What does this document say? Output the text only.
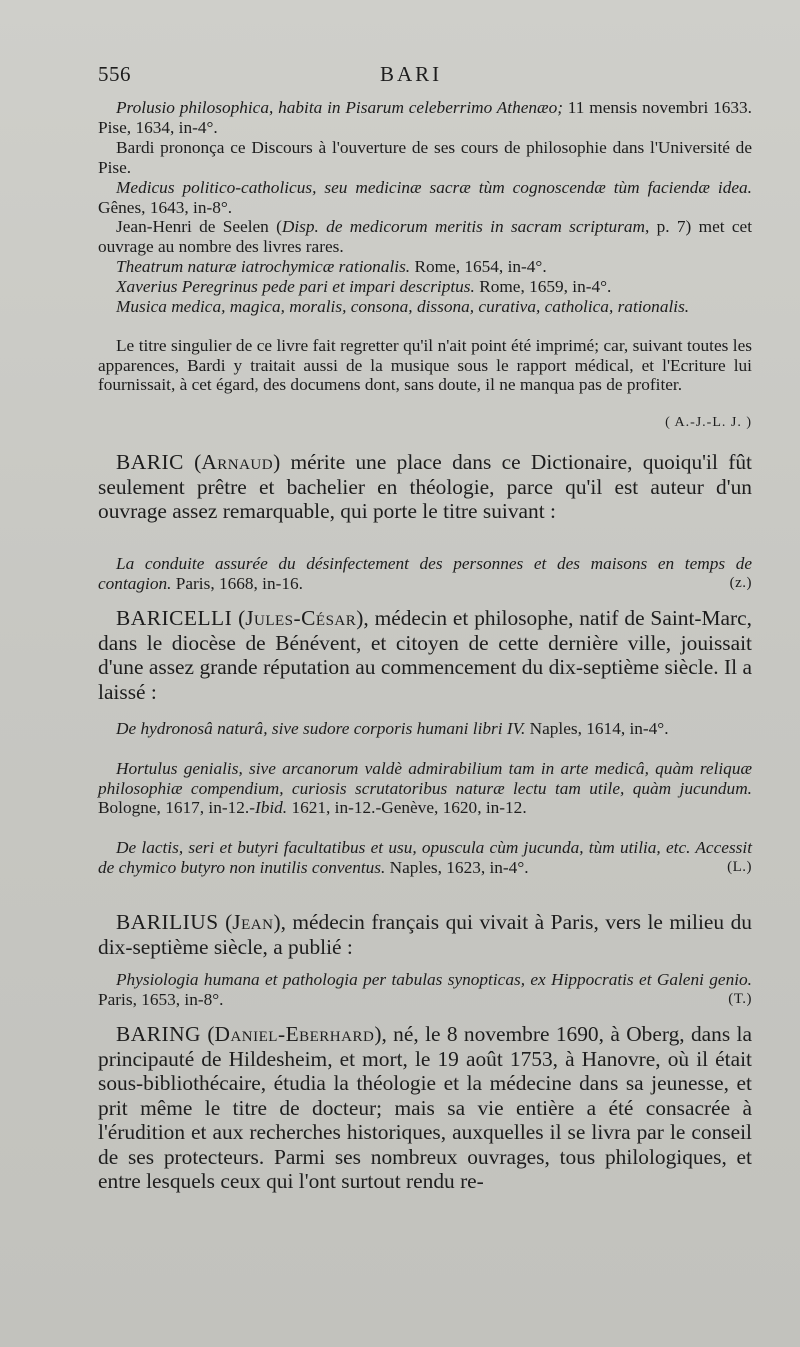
556	BARI

Prolusio philosophica, habita in Pisarum celeberrimo Athenæo; 11 mensis novembri 1633. Pise, 1634, in-4°.

Bardi prononça ce Discours à l'ouverture de ses cours de philosophie dans l'Université de Pise.

Medicus politico-catholicus, seu medicinæ sacræ tùm cognoscendæ tùm faciendæ idea. Gênes, 1643, in-8°.

Jean-Henri de Seelen (Disp. de medicorum meritis in sacram scripturam, p. 7) met cet ouvrage au nombre des livres rares.

Theatrum naturæ iatrochymicæ rationalis. Rome, 1654, in-4°.

Xaverius Peregrinus pede pari et impari descriptus. Rome, 1659, in-4°.

Musica medica, magica, moralis, consona, dissona, curativa, catholica, rationalis.

Le titre singulier de ce livre fait regretter qu'il n'ait point été imprimé; car, suivant toutes les apparences, Bardi y traitait aussi de la musique sous le rapport médical, et l'Ecriture lui fournissait, à cet égard, des documens dont, sans doute, il ne manqua pas de profiter.

( A.-J.-L. J. )

BARIC (Arnaud) mérite une place dans ce Dictionaire, quoiqu'il fût seulement prêtre et bachelier en théologie, parce qu'il est auteur d'un ouvrage assez remarquable, qui porte le titre suivant :

La conduite assurée du désinfectement des personnes et des maisons en temps de contagion. Paris, 1668, in-16.	(z.)

BARICELLI (Jules-César), médecin et philosophe, natif de Saint-Marc, dans le diocèse de Bénévent, et citoyen de cette dernière ville, jouissait d'une assez grande réputation au commencement du dix-septième siècle. Il a laissé :

De hydronosâ naturâ, sive sudore corporis humani libri IV. Naples, 1614, in-4°.

Hortulus genialis, sive arcanorum valdè admirabilium tam in arte medicâ, quàm reliquæ philosophiæ compendium, curiosis scrutatoribus naturæ lectu tam utile, quàm jucundum. Bologne, 1617, in-12.-Ibid. 1621, in-12.-Genève, 1620, in-12.

De lactis, seri et butyri facultatibus et usu, opuscula cùm jucunda, tùm utilia, etc. Accessit de chymico butyro non inutilis conventus. Naples, 1623, in-4°.	(L.)

BARILIUS (Jean), médecin français qui vivait à Paris, vers le milieu du dix-septième siècle, a publié :

Physiologia humana et pathologia per tabulas synopticas, ex Hippocratis et Galeni genio. Paris, 1653, in-8°.	(T.)

BARING (Daniel-Eberhard), né, le 8 novembre 1690, à Oberg, dans la principauté de Hildesheim, et mort, le 19 août 1753, à Hanovre, où il était sous-bibliothécaire, étudia la théologie et la médecine dans sa jeunesse, et prit même le titre de docteur; mais sa vie entière a été consacrée à l'érudition et aux recherches historiques, auxquelles il se livra par le conseil de ses protecteurs. Parmi ses nombreux ouvrages, tous philologiques, et entre lesquels ceux qui l'ont surtout rendu re-
